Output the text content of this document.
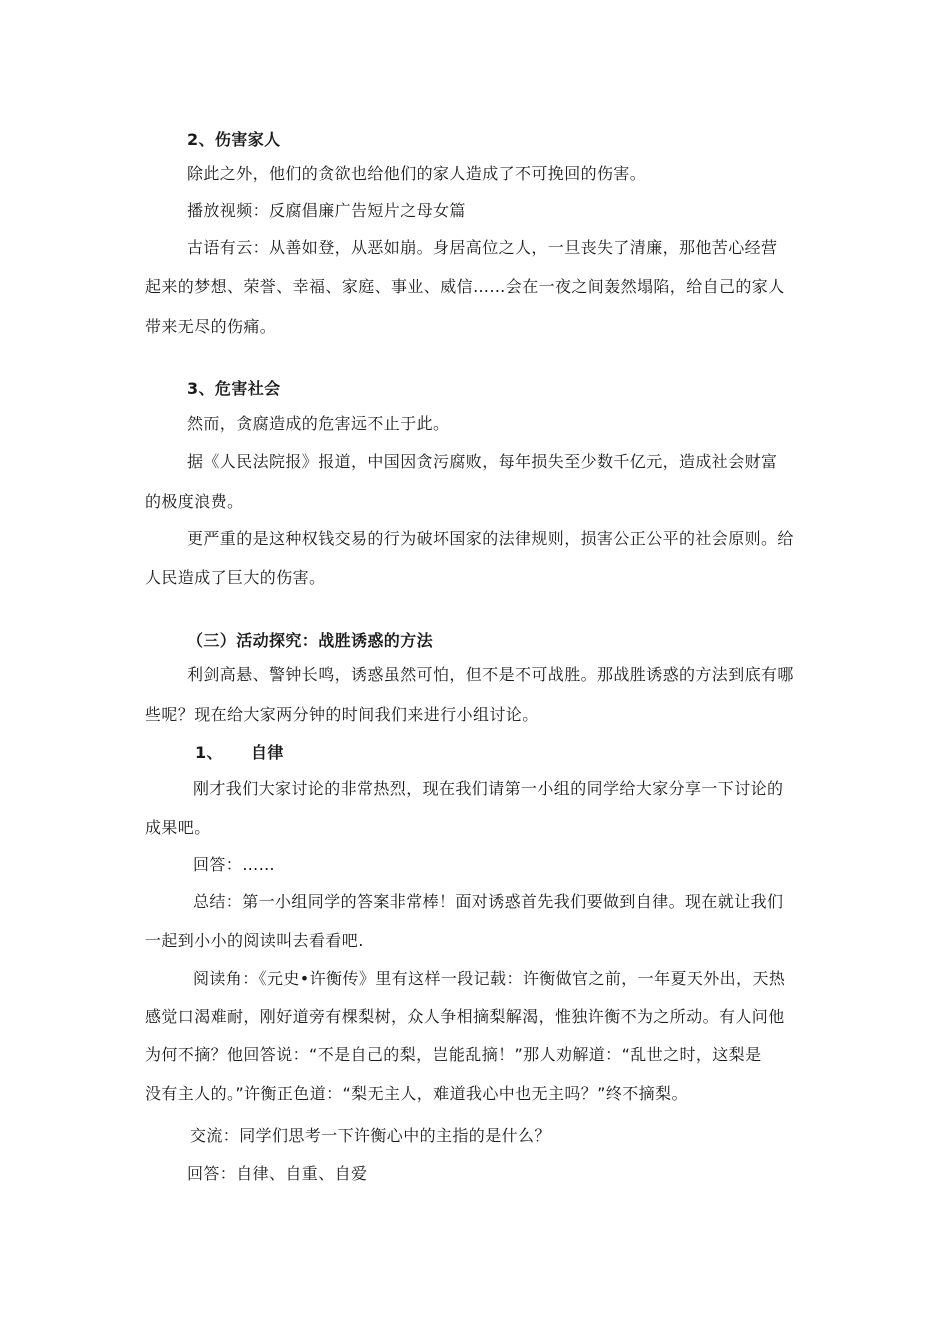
2、伤害家人
除此之外，他们的贪欲也给他们的家人造成了不可挽回的伤害。
播放视频：反腐倡廉广告短片之母女篇
古语有云：从善如登，从恶如崩。身居高位之人，一旦丧失了清廉，那他苦心经营
起来的梦想、荣誉、幸福、家庭、事业、威信……会在一夜之间轰然塌陷，给自己的家人
带来无尽的伤痛。
3、危害社会
然而，贪腐造成的危害远不止于此。
据《人民法院报》报道，中国因贪污腐败，每年损失至少数千亿元，造成社会财富
的极度浪费。
更严重的是这种权钱交易的行为破坏国家的法律规则，损害公正公平的社会原则。给
人民造成了巨大的伤害。
（三）活动探究：战胜诱惑的方法
利剑高悬、警钟长鸣，诱惑虽然可怕，但不是不可战胜。那战胜诱惑的方法到底有哪
些呢？现在给大家两分钟的时间我们来进行小组讨论。
1、 自律
刚才我们大家讨论的非常热烈，现在我们请第一小组的同学给大家分享一下讨论的
成果吧。
回答：……
总结：第一小组同学的答案非常棒！面对诱惑首先我们要做到自律。现在就让我们
一起到小小的阅读叫去看看吧.
阅读角：《元史•许衡传》里有这样一段记载：许衡做官之前，一年夏天外出，天热
感觉口渴难耐，刚好道旁有棵梨树，众人争相摘梨解渴，惟独许衡不为之所动。有人问他
为何不摘？他回答说：“不是自己的梨，岂能乱摘！”那人劝解道：“乱世之时，这梨是
没有主人的。”许衡正色道：“梨无主人，难道我心中也无主吗？”终不摘梨。
交流：同学们思考一下许衡心中的主指的是什么？
回答：自律、自重、自爱
